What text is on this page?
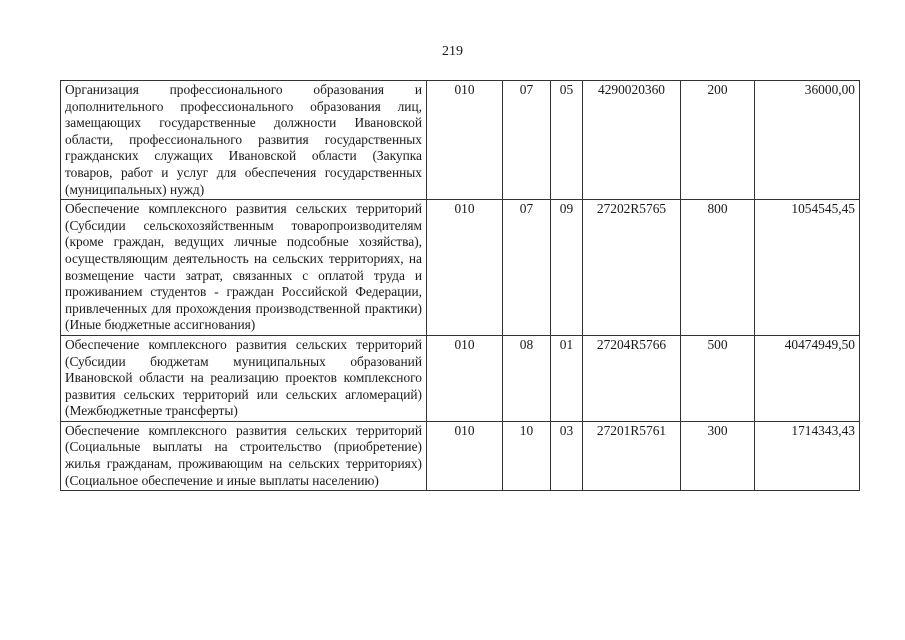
219
Организация профессионального образования и дополнительного профессионального образования лиц, замещающих государственные должности Ивановской области, профессионального развития государственных гражданских служащих Ивановской области (Закупка товаров, работ и услуг для обеспечения государственных (муниципальных) нужд)	010	07	05	4290020360	200	36000,00
Обеспечение комплексного развития сельских территорий (Субсидии сельскохозяйственным товаропроизводителям (кроме граждан, ведущих личные подсобные хозяйства), осуществляющим деятельность на сельских территориях, на возмещение части затрат, связанных с оплатой труда и проживанием студентов - граждан Российской Федерации, привлеченных для прохождения производственной практики) (Иные бюджетные ассигнования)	010	07	09	27202R5765	800	1054545,45
Обеспечение комплексного развития сельских территорий (Субсидии бюджетам муниципальных образований Ивановской области на реализацию проектов комплексного развития сельских территорий или сельских агломераций) (Межбюджетные трансферты)	010	08	01	27204R5766	500	40474949,50
Обеспечение комплексного развития сельских территорий (Социальные выплаты на строительство (приобретение) жилья гражданам, проживающим на сельских территориях) (Социальное обеспечение и иные выплаты населению)	010	10	03	27201R5761	300	1714343,43
